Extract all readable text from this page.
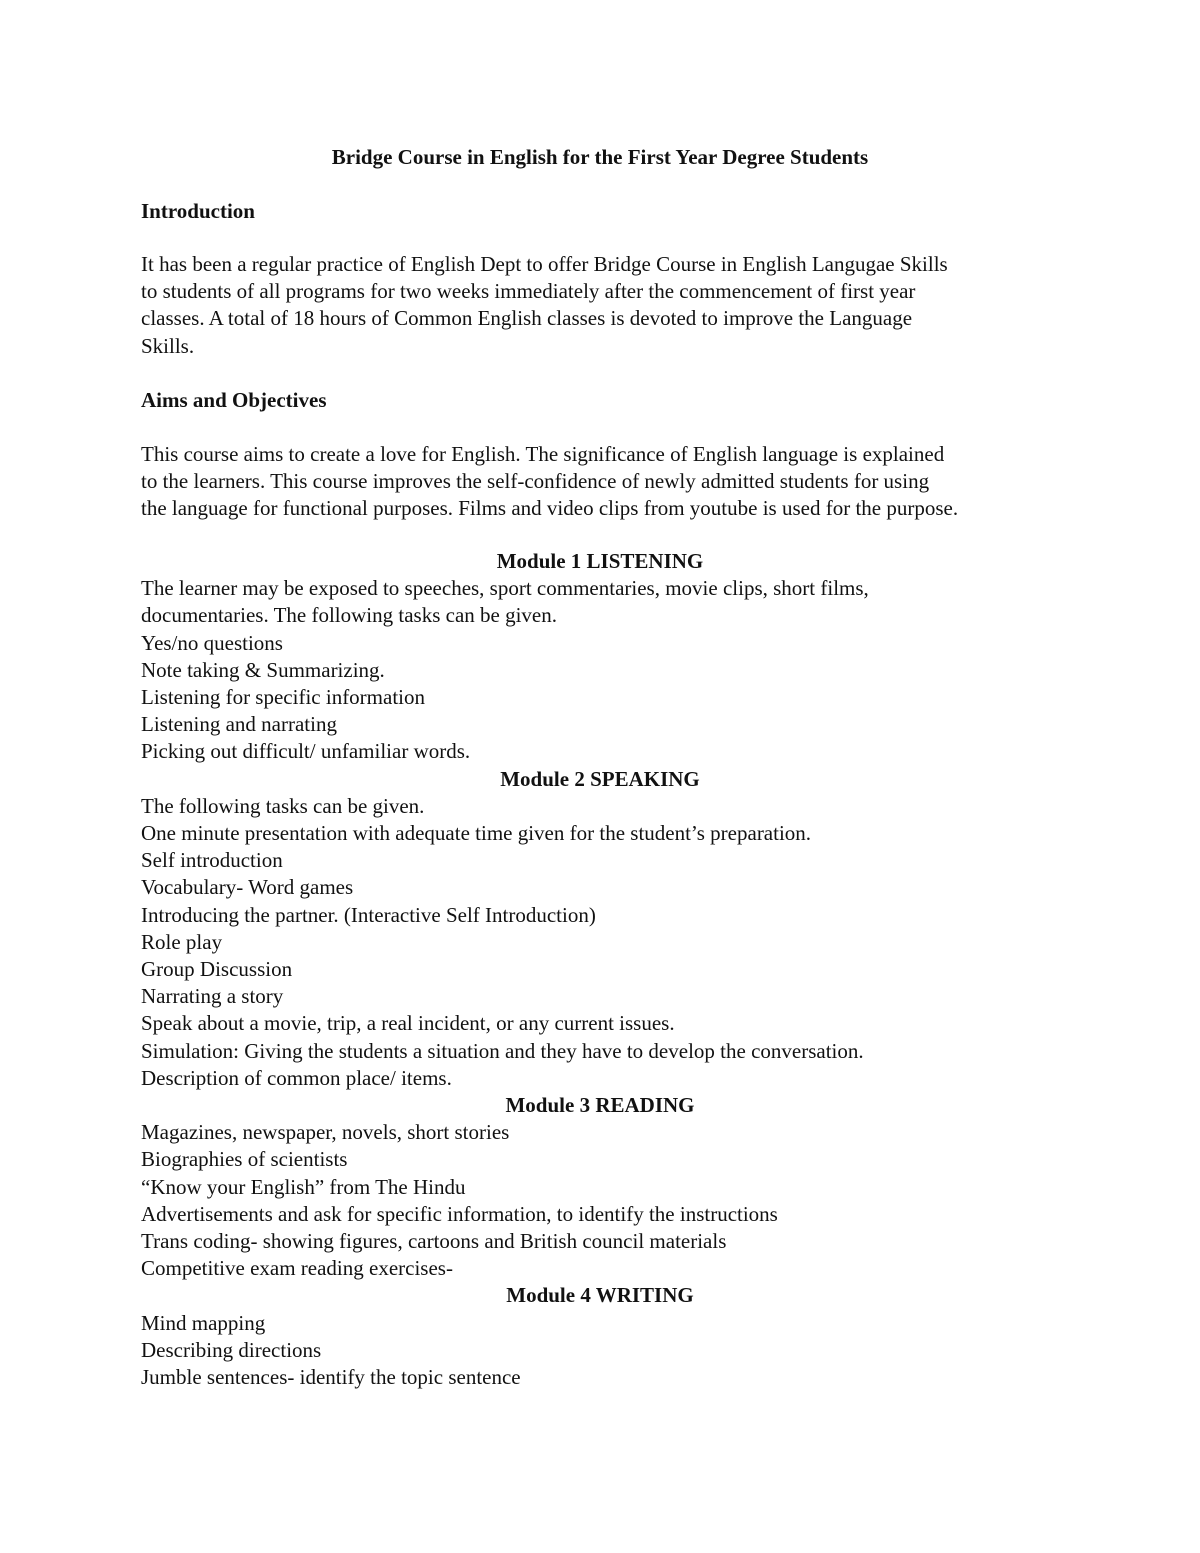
Bridge Course in English for the First Year Degree Students
Introduction
It has been a regular practice of English Dept to offer Bridge Course in English Langugae Skills
to students of all programs for two weeks immediately after the commencement of first year
classes. A total of 18 hours of Common English classes is devoted to improve the Language
Skills.
Aims and Objectives
This course aims to create a love for English. The significance of English language is explained
to the learners. This course improves the self-confidence of newly admitted students for using
the language for functional purposes. Films and video clips from youtube is used for the purpose.
Module 1 LISTENING
The learner may be exposed to speeches, sport commentaries, movie clips, short films,
documentaries. The following tasks can be given.
Yes/no questions
Note taking & Summarizing.
Listening for specific information
Listening and narrating
Picking out difficult/ unfamiliar words.
Module 2 SPEAKING
The following tasks can be given.
One minute presentation with adequate time given for the student’s preparation.
Self introduction
Vocabulary- Word games
Introducing the partner. (Interactive Self Introduction)
Role play
Group Discussion
Narrating a story
Speak about a movie, trip, a real incident, or any current issues.
Simulation: Giving the students a situation and they have to develop the conversation.
Description of common place/ items.
Module 3 READING
Magazines, newspaper, novels, short stories
Biographies of scientists
“Know your English” from The Hindu
Advertisements and ask for specific information, to identify the instructions
Trans coding- showing figures, cartoons and British council materials
Competitive exam reading exercises-
Module 4 WRITING
Mind mapping
Describing directions
Jumble sentences- identify the topic sentence
